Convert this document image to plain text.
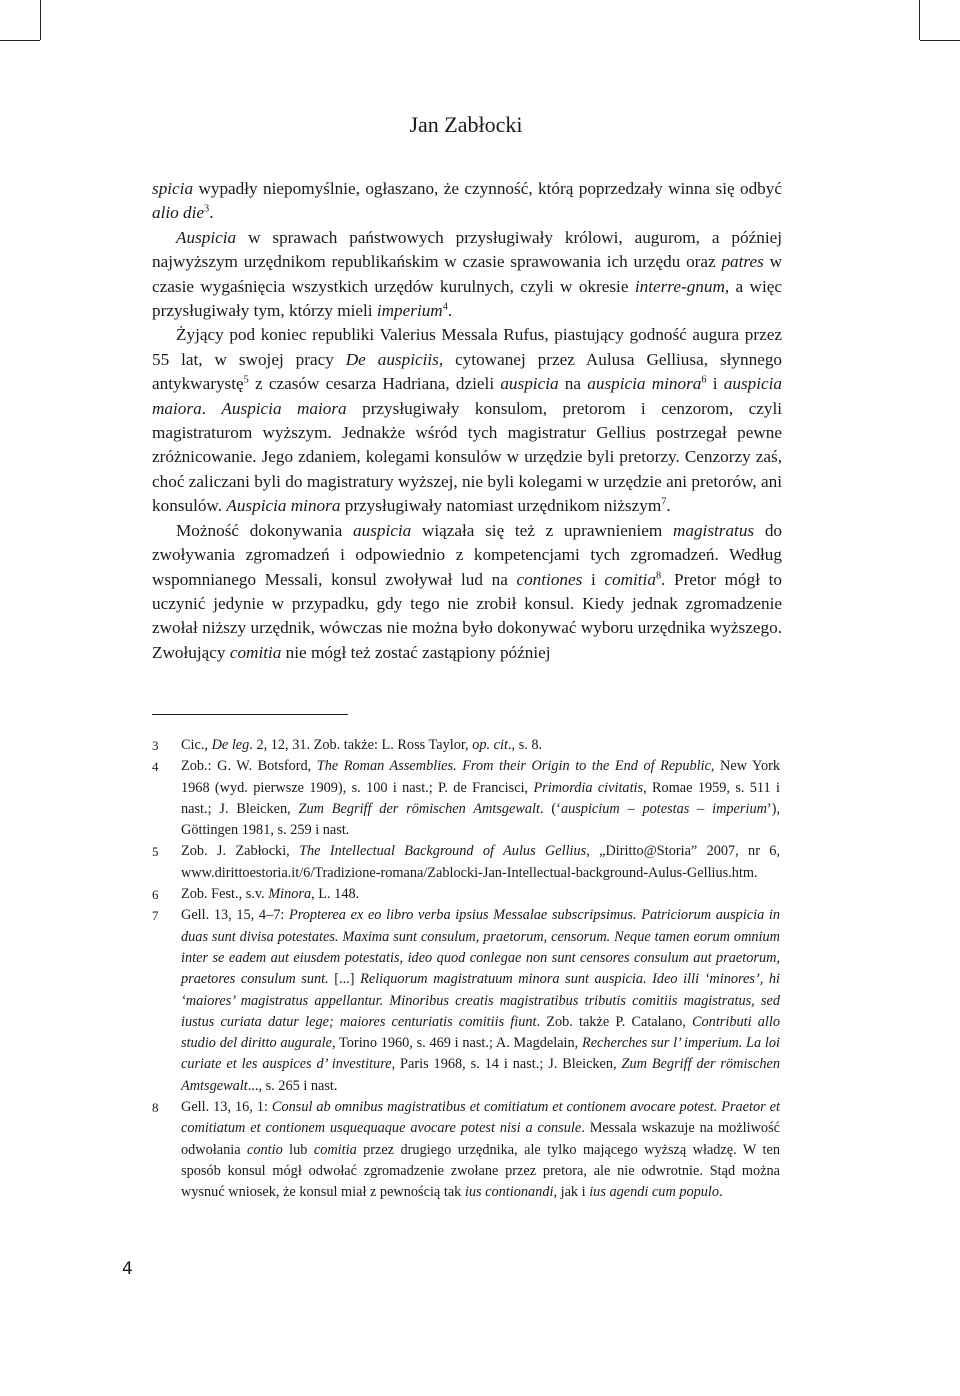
Jan Zabłocki

spicia wypadły niepomyślnie, ogłaszano, że czynność, którą poprzedzały winna się odbyć alio die$^3$.

Auspicia w sprawach państwowych przysługiwały królowi, augurom, a później najwyższym urzędnikom republikańskim w czasie sprawowania ich urzędu oraz patres w czasie wygaśnięcia wszystkich urzędów kurulnych, czyli w okresie interre-gnum, a więc przysługiwały tym, którzy mieli imperium$^4$.

Żyjący pod koniec republiki Valerius Messala Rufus, piastujący godność augura przez 55 lat, w swojej pracy De auspiciis, cytowanej przez Aulusa Gelliusa, słynnego antykwarystę$^5$ z czasów cesarza Hadriana, dzieli auspicia na auspicia minora$^6$ i auspicia maiora. Auspicia maiora przysługiwały konsulom, pretorom i cenzorom, czyli magistraturom wyższym. Jednakże wśród tych magistratur Gellius postrzegał pewne zróżnicowanie. Jego zdaniem, kolegami konsulów w urzędzie byli pretorzy. Cenzorzy zaś, choć zaliczani byli do magistratury wyższej, nie byli kolegami w urzędzie ani pretorów, ani konsulów. Auspicia minora przysługiwały natomiast urzędnikom niższym$^7$.

Możność dokonywania auspicia wiązała się też z uprawnieniem magistratus do zwoływania zgromadzeń i odpowiednio z kompetencjami tych zgromadzeń. Według wspomnianego Messali, konsul zwoływał lud na contiones i comitia$^8$. Pretor mógł to uczynić jedynie w przypadku, gdy tego nie zrobił konsul. Kiedy jednak zgromadzenie zwołał niższy urzędnik, wówczas nie można było dokonywać wyboru urzędnika wyższego. Zwołujący comitia nie mógł też zostać zastąpiony później

3	Cic., De leg. 2, 12, 31. Zob. także: L. Ross Taylor, op. cit., s. 8.
4	Zob.: G. W. Botsford, The Roman Assemblies. From their Origin to the End of Republic, New York 1968 (wyd. pierwsze 1909), s. 100 i nast.; P. de Francisci, Primordia civitatis, Romae 1959, s. 511 i nast.; J. Bleicken, Zum Begriff der römischen Amtsgewalt. (‘auspicium – potestas – imperium’), Göttingen 1981, s. 259 i nast.
5	Zob. J. Zabłocki, The Intellectual Background of Aulus Gellius, „Diritto@Storia” 2007, nr 6, www.dirittoestoria.it/6/Tradizione-romana/Zablocki-Jan-Intellectual-background-Aulus-Gellius.htm.
6	Zob. Fest., s.v. Minora, L. 148.
7	Gell. 13, 15, 4–7: Propterea ex eo libro verba ipsius Messalae subscripsimus. Patriciorum auspicia in duas sunt divisa potestates. Maxima sunt consulum, praetorum, censorum. Neque tamen eorum omnium inter se eadem aut eiusdem potestatis, ideo quod conlegae non sunt censores consulum aut praetorum, praetores consulum sunt. [...] Reliquorum magistratuum minora sunt auspicia. Ideo illi ‘minores’, hi ‘maiores’ magistratus appellantur. Minoribus creatis magistratibus tributis comitiis magistratus, sed iustus curiata datur lege; maiores centuriatis comitiis fiunt. Zob. także P. Catalano, Contributi allo studio del diritto augurale, Torino 1960, s. 469 i nast.; A. Magdelain, Recherches sur l’ imperium. La loi curiate et les auspices d’ investiture, Paris 1968, s. 14 i nast.; J. Bleicken, Zum Begriff der römischen Amtsgewalt..., s. 265 i nast.
8	Gell. 13, 16, 1: Consul ab omnibus magistratibus et comitiatum et contionem avocare potest. Praetor et comitiatum et contionem usquequaque avocare potest nisi a consule. Messala wskazuje na możliwość odwołania contio lub comitia przez drugiego urzędnika, ale tylko mającego wyższą władzę. W ten sposób konsul mógł odwołać zgromadzenie zwołane przez pretora, ale nie odwrotnie. Stąd można wysnuć wniosek, że konsul miał z pewnością tak ius contionandi, jak i ius agendi cum populo.
4
